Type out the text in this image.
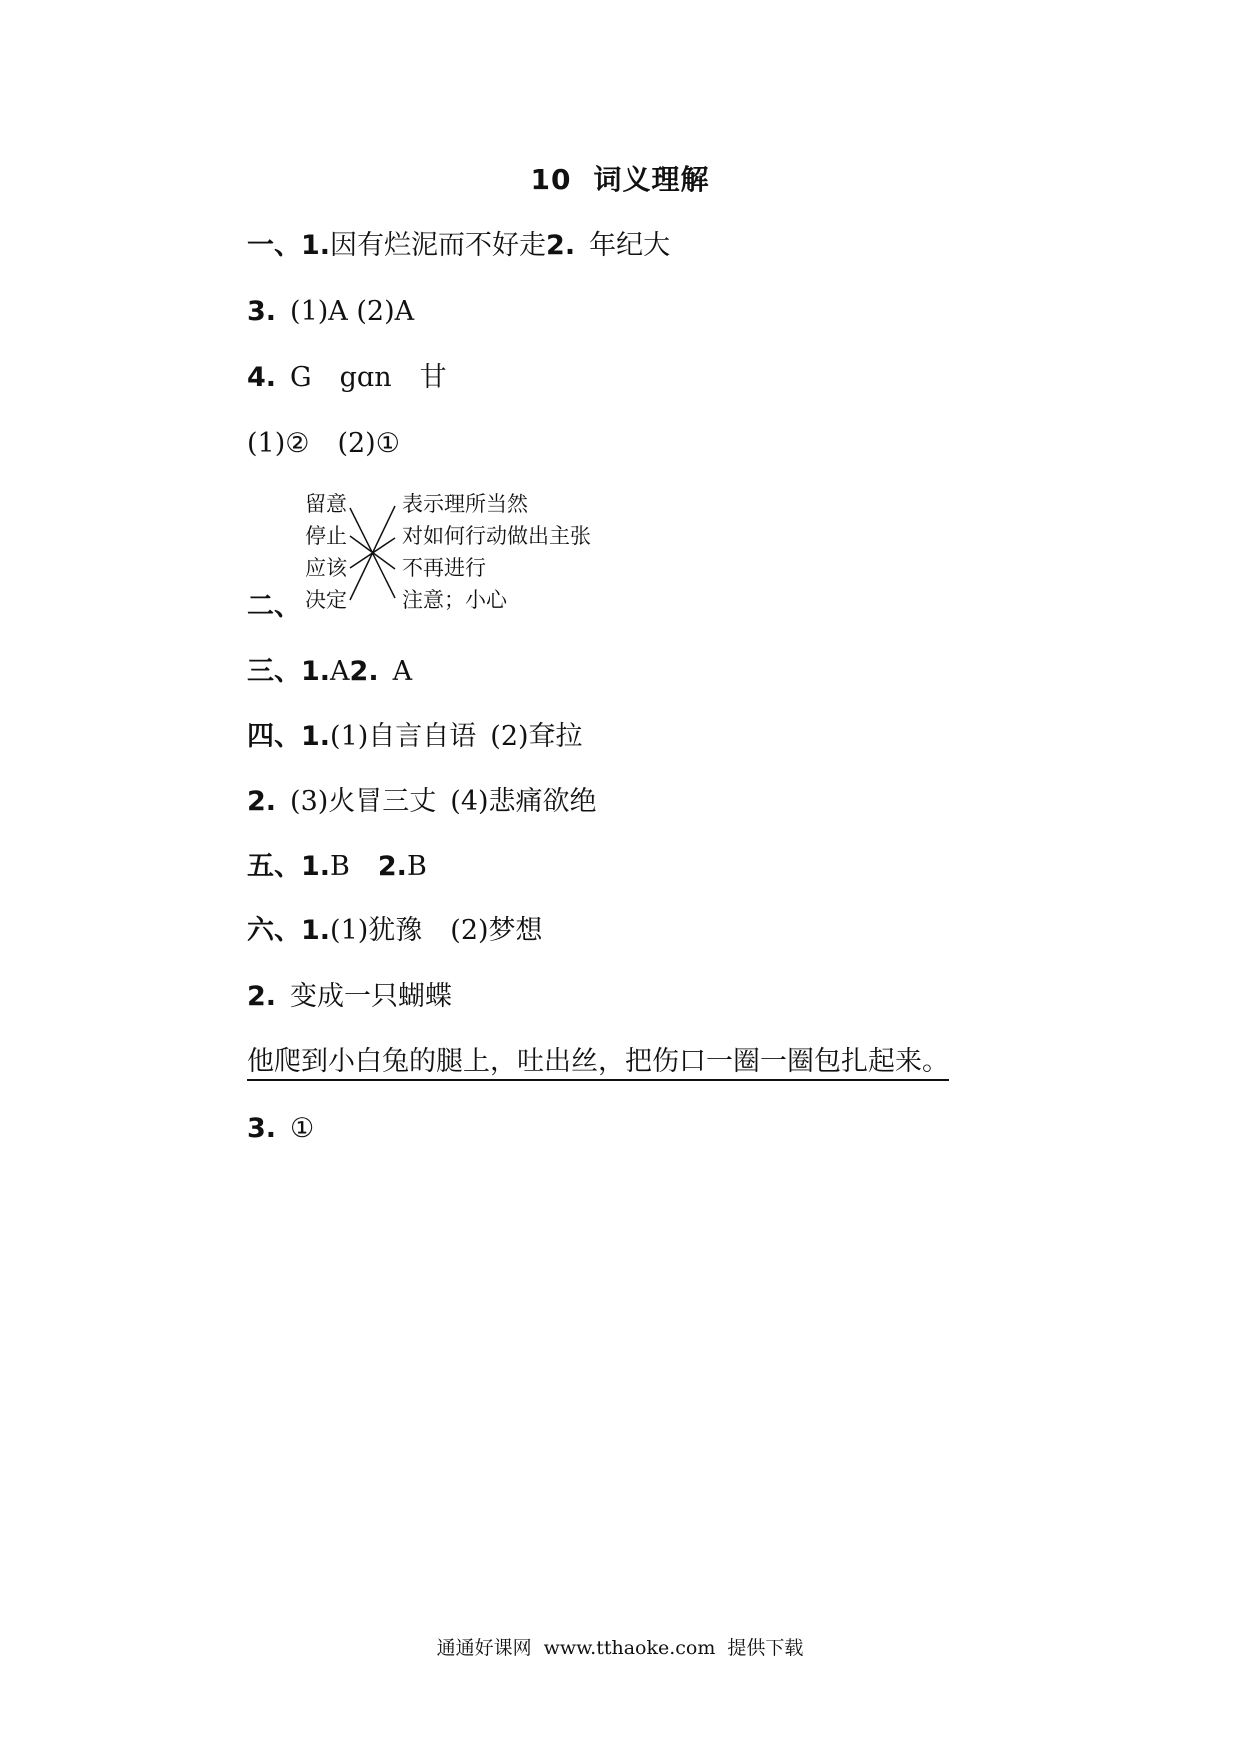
10 词义理解
一、1.因有烂泥而不好走2. 年纪大
3. (1)A (2)A
4. G gɑn 甘
(1)② (2)①
二、
留意
停止
应该
决定
表示理所当然
对如何行动做出主张
不再进行
注意；小心
三、1.A2. A
四、1.(1)自言自语 (2)耷拉
2. (3)火冒三丈 (4)悲痛欲绝
五、1.B 2.B
六、1.(1)犹豫 (2)梦想
2. 变成一只蝴蝶
他爬到小白兔的腿上，吐出丝，把伤口一圈一圈包扎起来。
3. ①
通通好课网 www.tthaoke.com 提供下载
